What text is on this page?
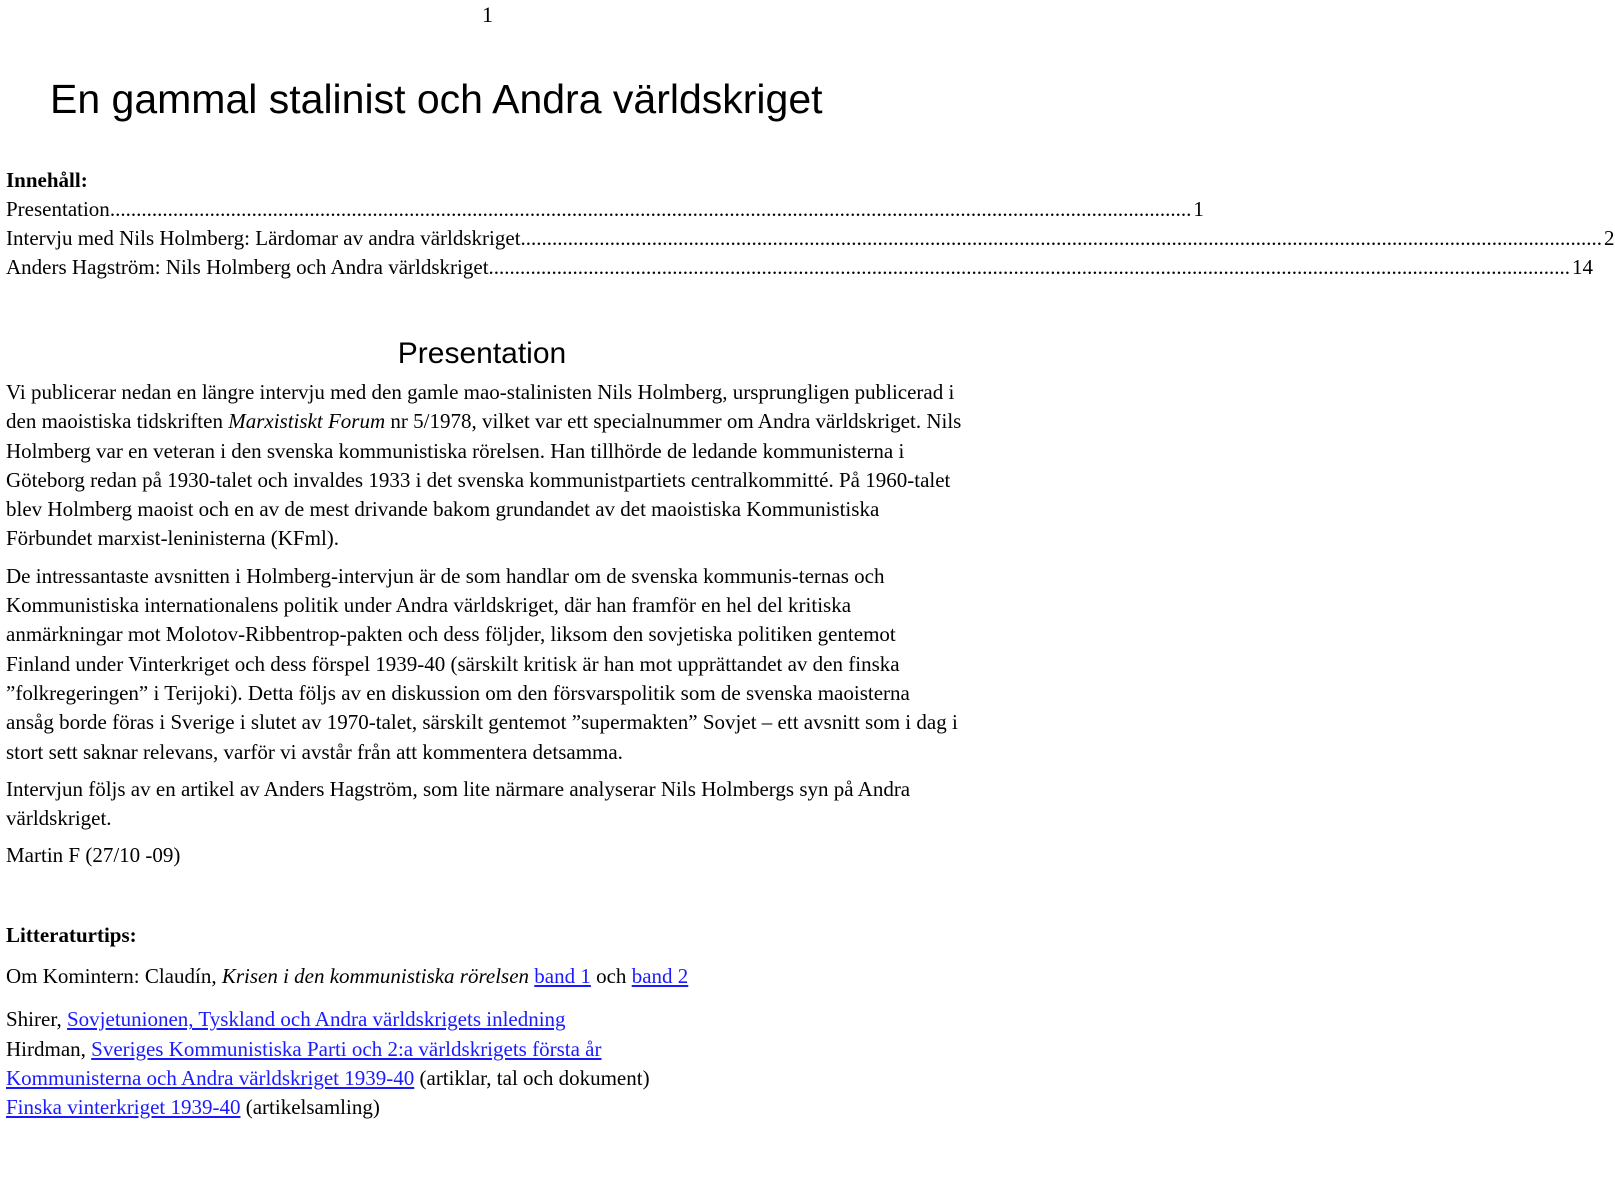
1
En gammal stalinist och Andra världskriget
Innehåll:
Presentation .............................................................................................................................................................................................................. 1
Intervju med Nils Holmberg: Lärdomar av andra världskriget .............................................................................................................................................................................................................. 2
Anders Hagström: Nils Holmberg och Andra världskriget .............................................................................................................................................................................................................. 14
Presentation

Vi publicerar nedan en längre intervju med den gamle mao-stalinisten Nils Holmberg, ursprungligen publicerad i den maoistiska tidskriften Marxistiskt Forum nr 5/1978, vilket var ett specialnummer om Andra världskriget. Nils Holmberg var en veteran i den svenska kommunistiska rörelsen. Han tillhörde de ledande kommunisterna i Göteborg redan på 1930-talet och invaldes 1933 i det svenska kommunistpartiets centralkommitté. På 1960-talet blev Holmberg maoist och en av de mest drivande bakom grundandet av det maoistiska Kommunistiska Förbundet marxist-leninisterna (KFml).

De intressantaste avsnitten i Holmberg-intervjun är de som handlar om de svenska kommunis-ternas och Kommunistiska internationalens politik under Andra världskriget, där han framför en hel del kritiska anmärkningar mot Molotov-Ribbentrop-pakten och dess följder, liksom den sovjetiska politiken gentemot Finland under Vinterkriget och dess förspel 1939-40 (särskilt kritisk är han mot upprättandet av den finska ”folkregeringen” i Terijoki). Detta följs av en diskussion om den försvarspolitik som de svenska maoisterna ansåg borde föras i Sverige i slutet av 1970-talet, särskilt gentemot ”supermakten” Sovjet – ett avsnitt som i dag i stort sett saknar relevans, varför vi avstår från att kommentera detsamma.

Intervjun följs av en artikel av Anders Hagström, som lite närmare analyserar Nils Holmbergs syn på Andra världskriget.

Martin F (27/10 -09)

Litteraturtips:

Om Komintern: Claudín, Krisen i den kommunistiska rörelsen band 1 och band 2

Shirer, Sovjetunionen, Tyskland och Andra världskrigets inledning

Hirdman, Sveriges Kommunistiska Parti och 2:a världskrigets första år

Kommunisterna och Andra världskriget 1939-40 (artiklar, tal och dokument)

Finska vinterkriget 1939-40 (artikelsamling)
